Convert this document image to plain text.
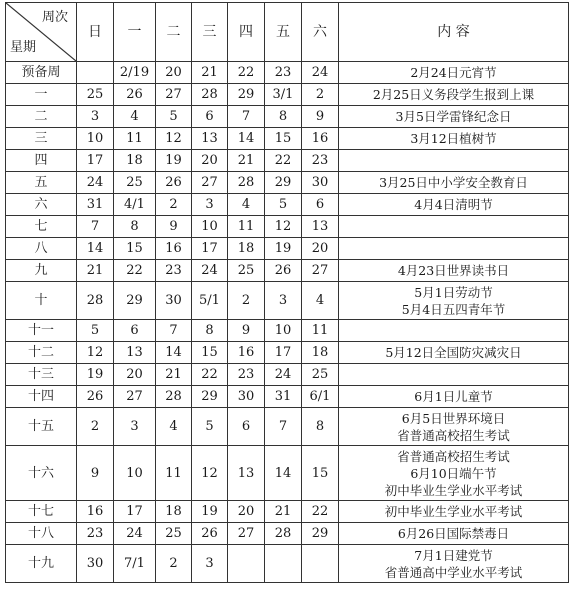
周次
星期	日	一	二	三	四	五	六	内 容
预备周		2/19	20	21	22	23	24	2月24日元宵节

一	25	26	27	28	29	3/1	2	2月25日义务段学生报到上课

二	3	4	5	6	7	8	9	3月5日学雷锋纪念日

三	10	11	12	13	14	15	16	3月12日植树节

四	17	18	19	20	21	22	23	

五	24	25	26	27	28	29	30	3月25日中小学安全教育日

六	31	4/1	2	3	4	5	6	4月4日清明节

七	7	8	9	10	11	12	13	

八	14	15	16	17	18	19	20	

九	21	22	23	24	25	26	27	4月23日世界读书日

十	28	29	30	5/1	2	3	4	5月1日劳动节
5月4日五四青年节

十一	5	6	7	8	9	10	11	

十二	12	13	14	15	16	17	18	5月12日全国防灾减灾日

十三	19	20	21	22	23	24	25	

十四	26	27	28	29	30	31	6/1	6月1日儿童节

十五	2	3	4	5	6	7	8	6月5日世界环境日
省普通高校招生考试

十六	9	10	11	12	13	14	15	省普通高校招生考试
6月10日端午节
初中毕业生学业水平考试

十七	16	17	18	19	20	21	22	初中毕业生学业水平考试

十八	23	24	25	26	27	28	29	6月26日国际禁毒日

十九	30	7/1	2	3				7月1日建党节
省普通高中学业水平考试
